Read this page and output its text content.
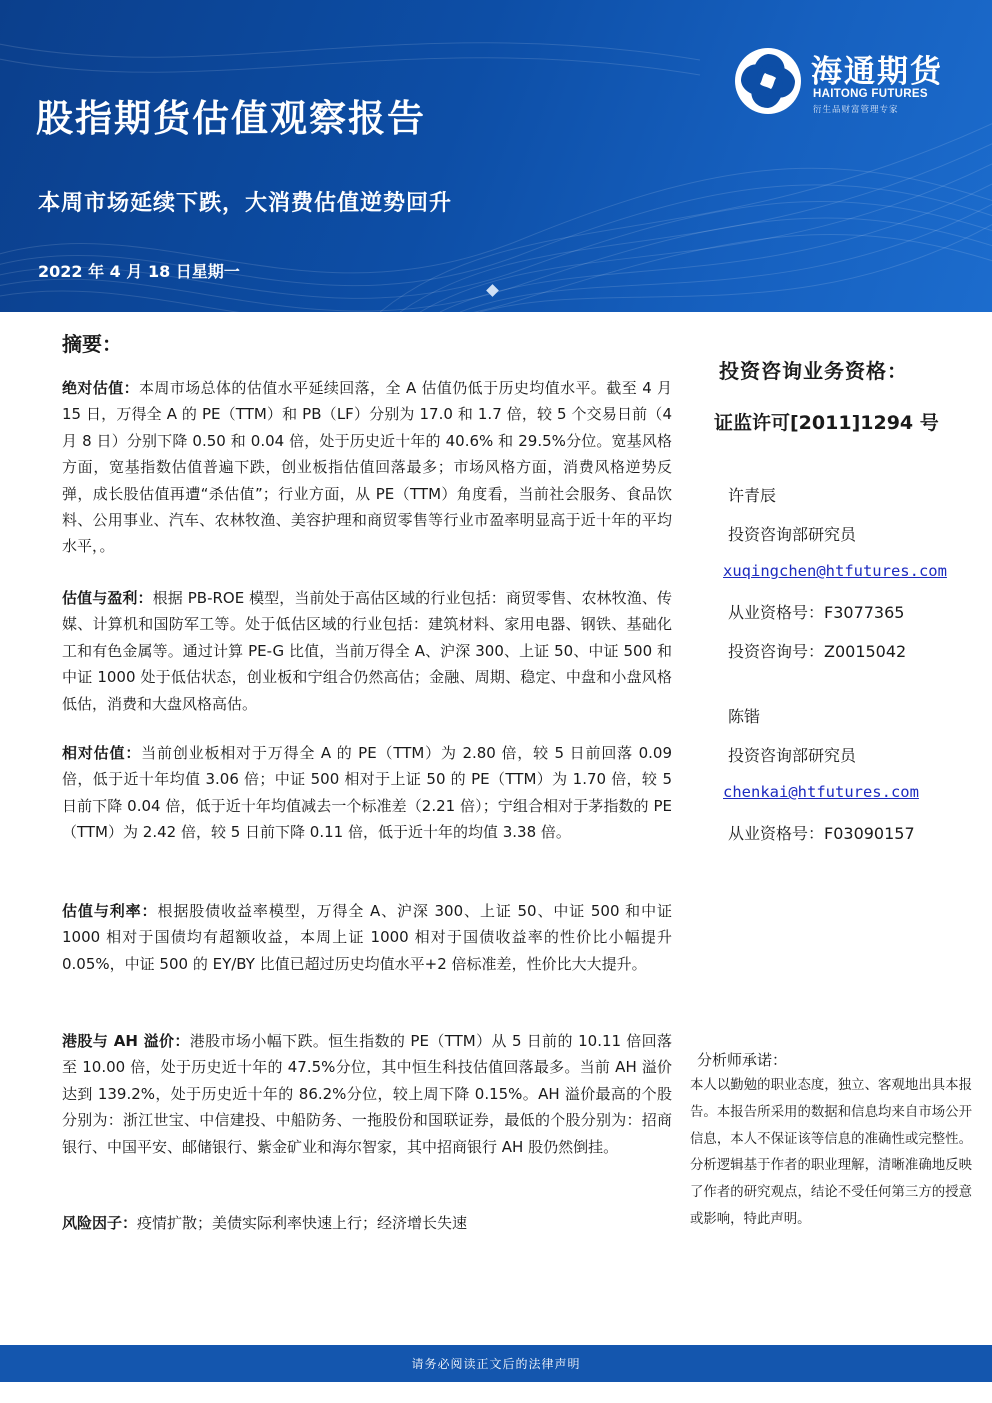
海通期货
HAITONG FUTURES
衍生品财富管理专家
股指期货估值观察报告
本周市场延续下跌，大消费估值逆势回升
2022 年 4 月 18 日星期一
摘要：
绝对估值：本周市场总体的估值水平延续回落，全 A 估值仍低于历史均值水平。截至 4 月 15 日，万得全 A 的 PE（TTM）和 PB（LF）分别为 17.0 和 1.7 倍，较 5 个交易日前（4 月 8 日）分别下降 0.50 和 0.04 倍，处于历史近十年的 40.6% 和 29.5%分位。宽基风格方面，宽基指数估值普遍下跌，创业板指估值回落最多；市场风格方面，消费风格逆势反弹，成长股估值再遭“杀估值”；行业方面，从 PE（TTM）角度看，当前社会服务、食品饮料、公用事业、汽车、农林牧渔、美容护理和商贸零售等行业市盈率明显高于近十年的平均水平，。
估值与盈利：根据 PB-ROE 模型，当前处于高估区域的行业包括：商贸零售、农林牧渔、传媒、计算机和国防军工等。处于低估区域的行业包括：建筑材料、家用电器、钢铁、基础化工和有色金属等。通过计算 PE-G 比值，当前万得全 A、沪深 300、上证 50、中证 500 和中证 1000 处于低估状态，创业板和宁组合仍然高估；金融、周期、稳定、中盘和小盘风格低估，消费和大盘风格高估。
相对估值：当前创业板相对于万得全 A 的 PE（TTM）为 2.80 倍，较 5 日前回落 0.09 倍，低于近十年均值 3.06 倍；中证 500 相对于上证 50 的 PE（TTM）为 1.70 倍，较 5 日前下降 0.04 倍，低于近十年均值减去一个标准差（2.21 倍）；宁组合相对于茅指数的 PE（TTM）为 2.42 倍，较 5 日前下降 0.11 倍，低于近十年的均值 3.38 倍。
估值与利率：根据股债收益率模型，万得全 A、沪深 300、上证 50、中证 500 和中证 1000 相对于国债均有超额收益，本周上证 1000 相对于国债收益率的性价比小幅提升 0.05%，中证 500 的 EY/BY 比值已超过历史均值水平+2 倍标准差，性价比大大提升。
港股与 AH 溢价：港股市场小幅下跌。恒生指数的 PE（TTM）从 5 日前的 10.11 倍回落至 10.00 倍，处于历史近十年的 47.5%分位，其中恒生科技估值回落最多。当前 AH 溢价达到 139.2%，处于历史近十年的 86.2%分位，较上周下降 0.15%。AH 溢价最高的个股分别为：浙江世宝、中信建投、中船防务、一拖股份和国联证券，最低的个股分别为：招商银行、中国平安、邮储银行、紫金矿业和海尔智家，其中招商银行 AH 股仍然倒挂。
风险因子：疫情扩散；美债实际利率快速上行；经济增长失速
投资咨询业务资格：
证监许可[2011]1294 号
许青辰
投资咨询部研究员
xuqingchen@htfutures.com
从业资格号：F3077365
投资咨询号：Z0015042
陈锴
投资咨询部研究员
chenkai@htfutures.com
从业资格号：F03090157
分析师承诺：
本人以勤勉的职业态度，独立、客观地出具本报告。本报告所采用的数据和信息均来自市场公开信息，本人不保证该等信息的准确性或完整性。分析逻辑基于作者的职业理解，清晰准确地反映了作者的研究观点，结论不受任何第三方的授意或影响，特此声明。
请务必阅读正文后的法律声明
